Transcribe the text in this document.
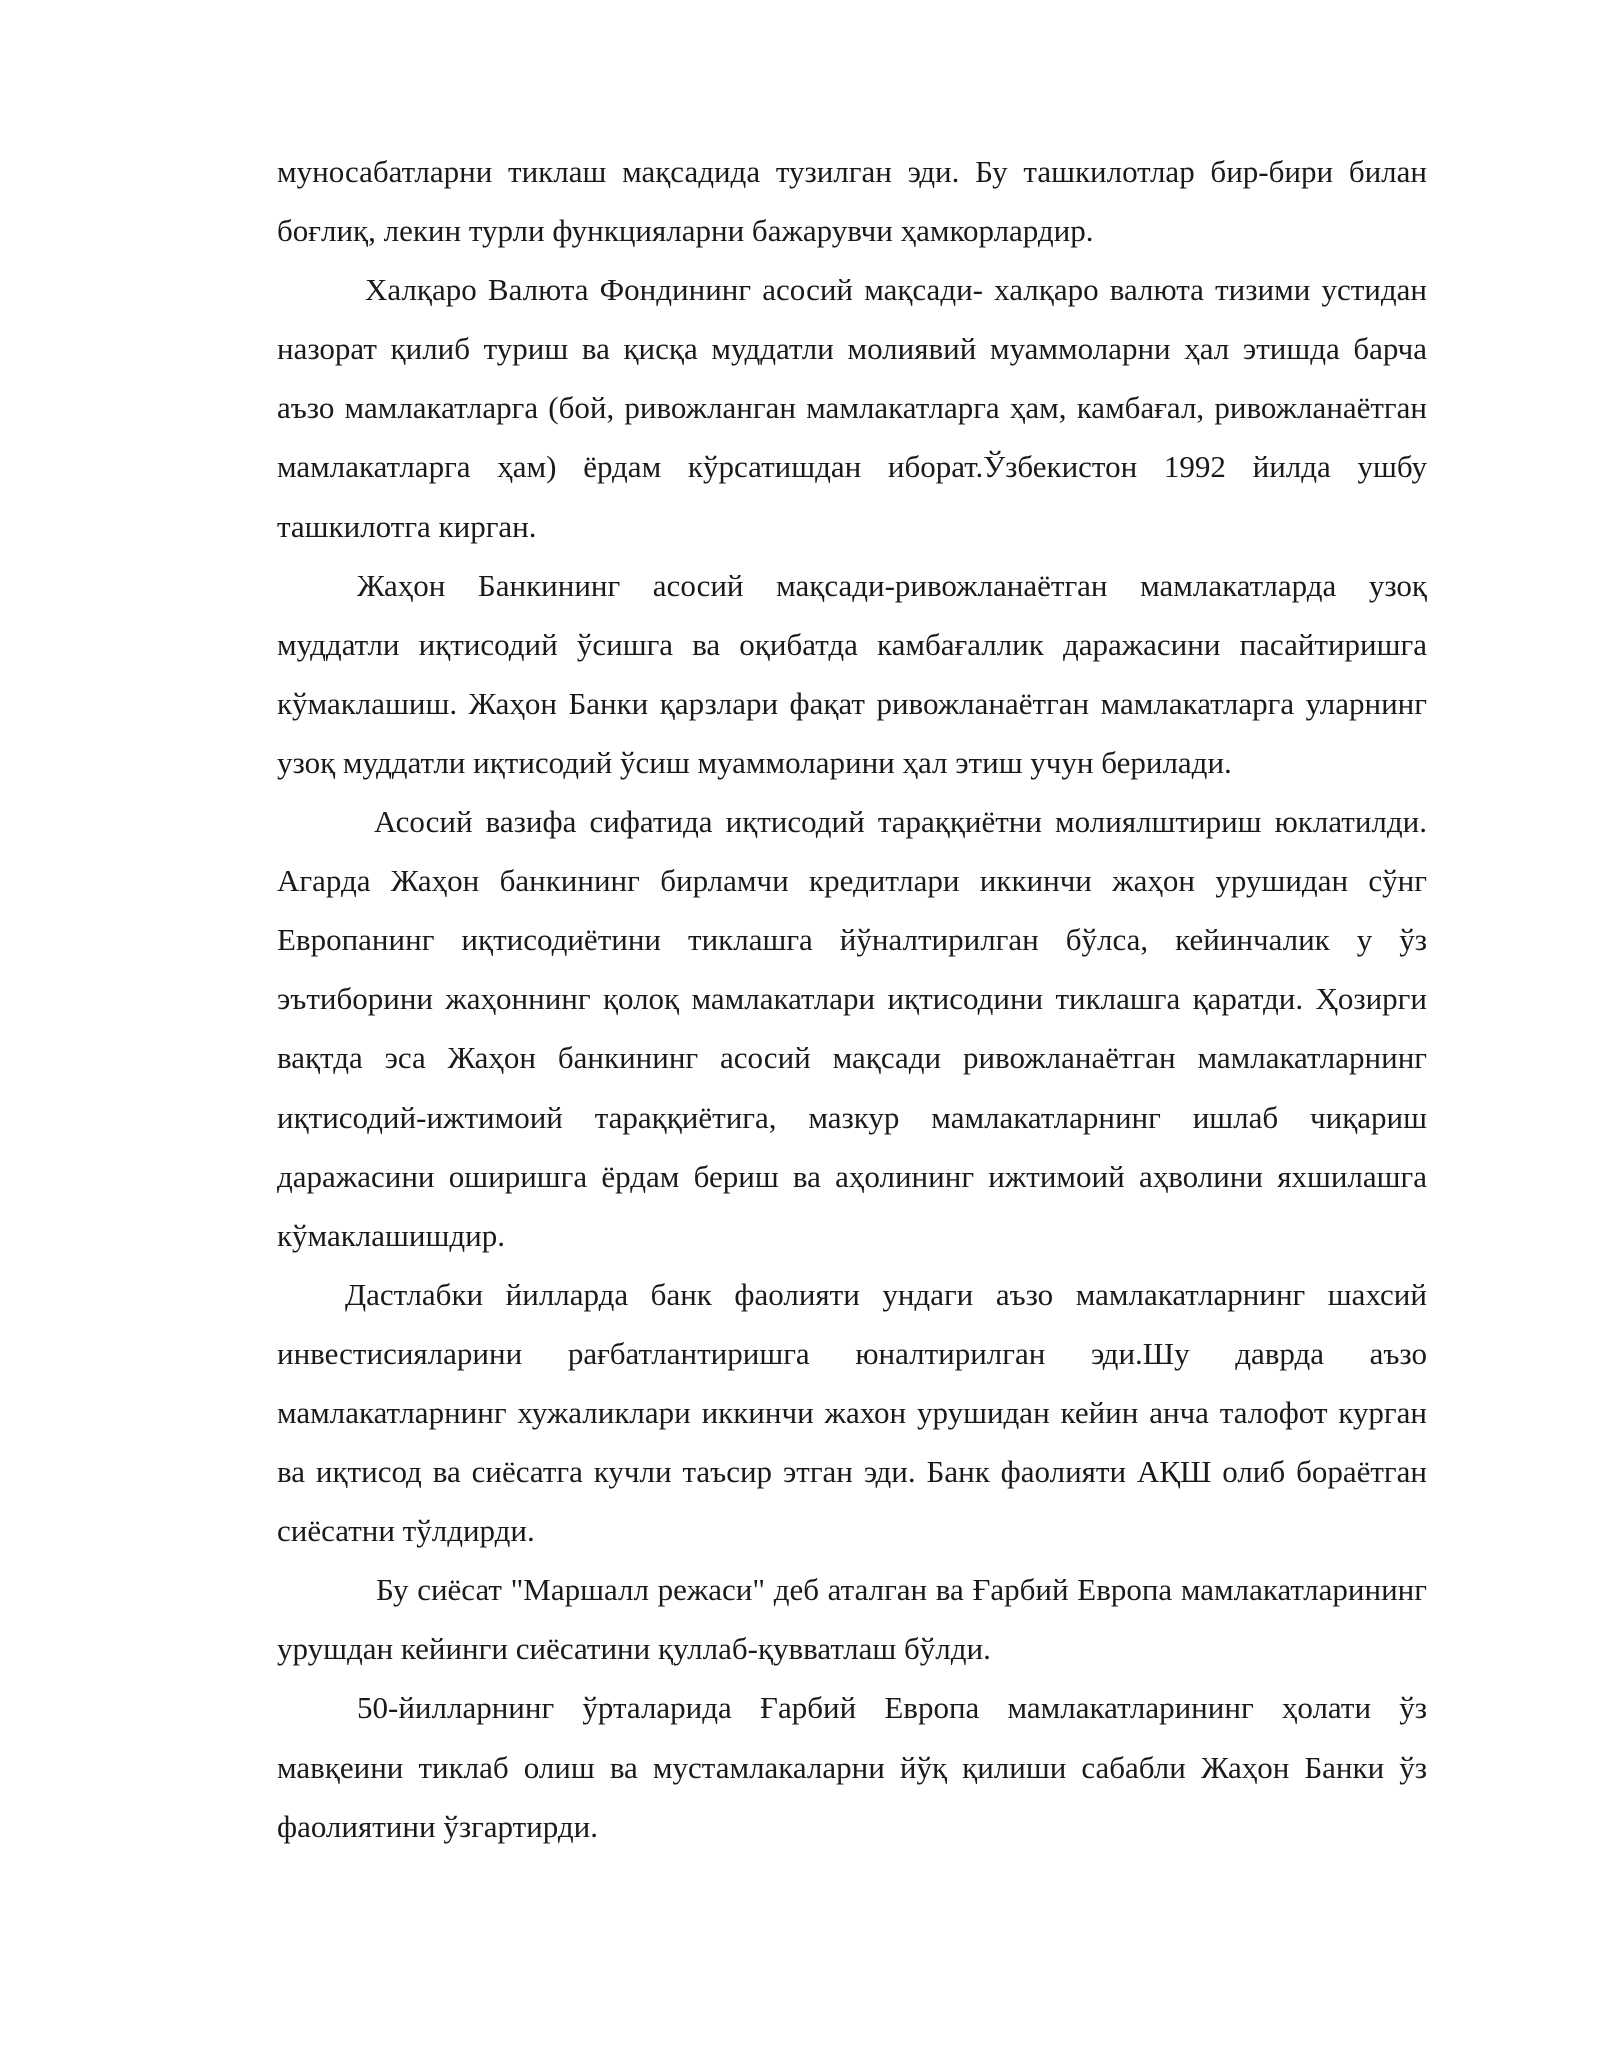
муносабатларни тиклаш мақсадида тузилган эди. Бу ташкилотлар бир-бири билан боғлиқ, лекин турли функцияларни бажарувчи ҳамкорлардир.

Халқаро Валюта Фондининг асосий мақсади- халқаро валюта тизими устидан назорат қилиб туриш ва қисқа муддатли молиявий муаммоларни ҳал этишда барча аъзо мамлакатларга (бой, ривожланган мамлакатларга ҳам, камбағал, ривожланаётган мамлакатларга ҳам) ёрдам кўрсатишдан иборат.Ўзбекистон 1992 йилда ушбу ташкилотга кирган.

Жаҳон Банкининг асосий мақсади-ривожланаётган мамлакатларда узоқ муддатли иқтисодий ўсишга ва оқибатда камбағаллик даражасини пасайтиришга кўмаклашиш. Жаҳон Банки қарзлари фақат ривожланаётган мамлакатларга уларнинг узоқ муддатли иқтисодий ўсиш муаммоларини ҳал этиш учун берилади.

Асосий вазифа сифатида иқтисодий тараққиётни молиялштириш юклатилди. Агарда Жаҳон банкининг бирламчи кредитлари иккинчи жаҳон урушидан сўнг Европанинг иқтисодиётини тиклашга йўналтирилган бўлса, кейинчалик у ўз эътиборини жаҳоннинг қолоқ мамлакатлари иқтисодини тиклашга қаратди. Ҳозирги вақтда эса Жаҳон банкининг асосий мақсади ривожланаётган мамлакатларнинг иқтисодий-ижтимоий тараққиётига, мазкур мамлакатларнинг ишлаб чиқариш даражасини оширишга ёрдам бериш ва аҳолининг ижтимоий аҳволини яхшилашга кўмаклашишдир.

Дастлабки йилларда банк фаолияти ундаги аъзо мамлакатларнинг шахсий инвестисияларини рағбатлантиришга юналтирилган эди.Шу даврда аъзо мамлакатларнинг хужаликлари иккинчи жахон урушидан кейин анча талофот курган ва иқтисод ва сиёсатга кучли таъсир этган эди. Банк фаолияти АҚШ олиб бораётган сиёсатни тўлдирди.

Бу сиёсат "Маршалл режаси" деб аталган ва Ғарбий Европа мамлакатларининг урушдан кейинги сиёсатини қуллаб-қувватлаш бўлди.

50-йилларнинг ўрталарида Ғарбий Европа мамлакатларининг ҳолати ўз мавқеини тиклаб олиш ва мустамлакаларни йўқ қилиши сабабли Жаҳон Банки ўз фаолиятини ўзгартирди.
